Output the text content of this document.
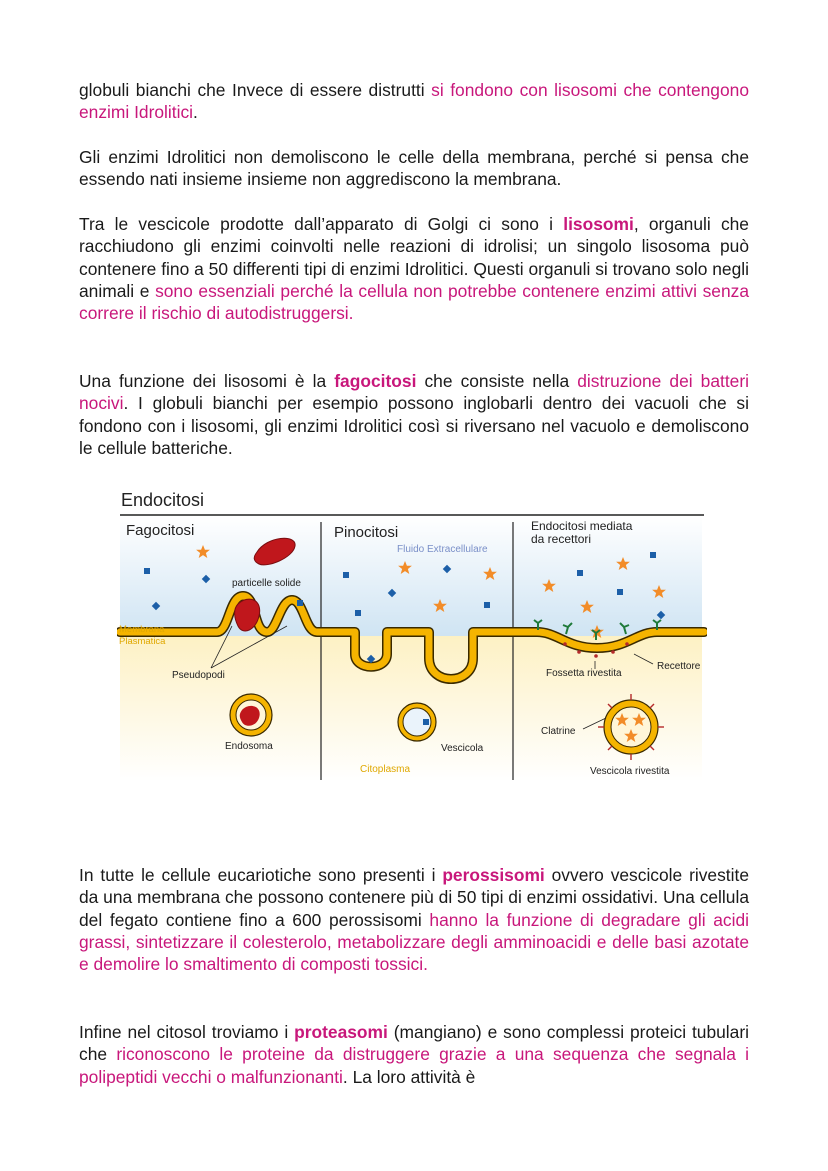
globuli bianchi che Invece di essere distrutti si fondono con lisosomi che contengono enzimi Idrolitici.
Gli enzimi Idrolitici non demoliscono le celle della membrana, perché si pensa che essendo nati insieme insieme non aggrediscono la membrana.
Tra le vescicole prodotte dall’apparato di Golgi ci sono i lisosomi, organuli che racchiudono gli enzimi coinvolti nelle reazioni di idrolisi; un singolo lisosoma può contenere fino a 50 differenti tipi di enzimi Idrolitici. Questi organuli si trovano solo negli animali e sono essenziali perché la cellula non potrebbe contenere enzimi attivi senza correre il rischio di autodistruggersi.
Una funzione dei lisosomi è la fagocitosi che consiste nella distruzione dei batteri nocivi. I globuli bianchi per esempio possono inglobarli dentro dei vacuoli che si fondono con i lisosomi, gli enzimi Idrolitici così si riversano nel vacuolo e demoliscono le cellule batteriche.
Endocitosi
Fagocitosi	Pinocitosi	Endocitosi mediata
da recettori
particelle solide
Membrana
Plasmatica
Pseudopodi
Endosoma
Fluido Extracellulare
Vescicola
Citoplasma
Fossetta rivestita
Recettore
Clatrine
Vescicola rivestita
In tutte le cellule eucariotiche sono presenti i perossisomi ovvero vescicole rivestite da una membrana che possono contenere più di 50 tipi di enzimi ossidativi. Una cellula del fegato contiene fino a 600 perossisomi hanno la funzione di degradare gli acidi grassi, sintetizzare il colesterolo, metabolizzare degli amminoacidi e delle basi azotate e demolire lo smaltimento di composti tossici.
Infine nel citosol troviamo i proteasomi (mangiano) e sono complessi proteici tubulari che riconoscono le proteine da distruggere grazie a una sequenza che segnala i polipeptidi vecchi o malfunzionanti. La loro attività è
